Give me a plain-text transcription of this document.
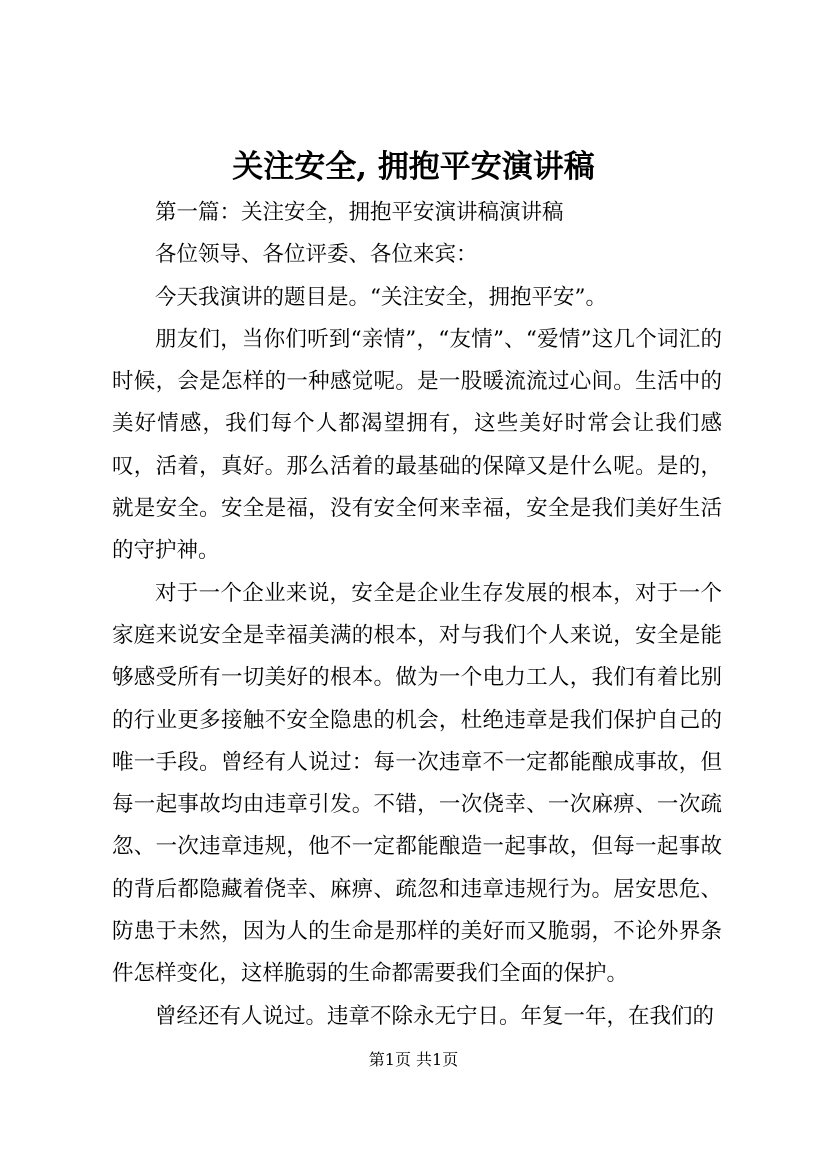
关注安全, 拥抱平安演讲稿

第一篇：关注安全，拥抱平安演讲稿演讲稿

各位领导、各位评委、各位来宾：

今天我演讲的题目是。“关注安全，拥抱平安”。

朋友们，当你们听到“亲情”，“友情”、“爱情”这几个词汇的时候，会是怎样的一种感觉呢。是一股暖流流过心间。生活中的美好情感，我们每个人都渴望拥有，这些美好时常会让我们感叹，活着，真好。那么活着的最基础的保障又是什么呢。是的，就是安全。安全是福，没有安全何来幸福，安全是我们美好生活的守护神。

对于一个企业来说，安全是企业生存发展的根本，对于一个家庭来说安全是幸福美满的根本，对与我们个人来说，安全是能够感受所有一切美好的根本。做为一个电力工人，我们有着比别的行业更多接触不安全隐患的机会，杜绝违章是我们保护自己的唯一手段。曾经有人说过：每一次违章不一定都能酿成事故，但每一起事故均由违章引发。不错，一次侥幸、一次麻痹、一次疏忽、一次违章违规，他不一定都能酿造一起事故，但每一起事故的背后都隐藏着侥幸、麻痹、疏忽和违章违规行为。居安思危、防患于未然，因为人的生命是那样的美好而又脆弱，不论外界条件怎样变化，这样脆弱的生命都需要我们全面的保护。

曾经还有人说过。违章不除永无宁日。年复一年，在我们的

第1页 共1页
